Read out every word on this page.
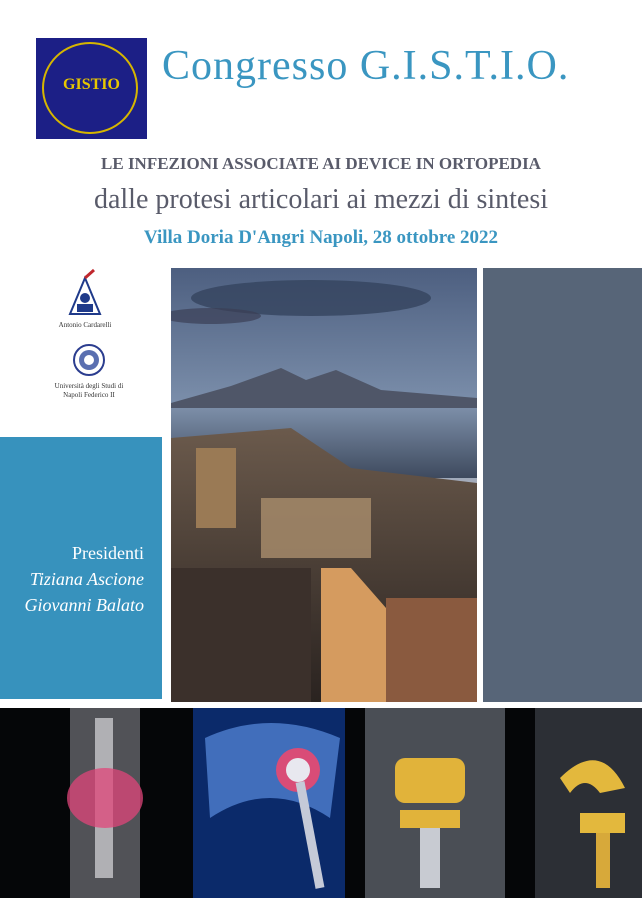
GISTIO	Congresso G.I.S.T.I.O.
LE INFEZIONI ASSOCIATE AI DEVICE IN ORTOPEDIA
dalle protesi articolari ai mezzi di sintesi
Villa Doria D'Angri Napoli, 28 ottobre 2022
Antonio Cardarelli
Università degli Studi di Napoli Federico II
Presidenti
Tiziana Ascione
Giovanni Balato
